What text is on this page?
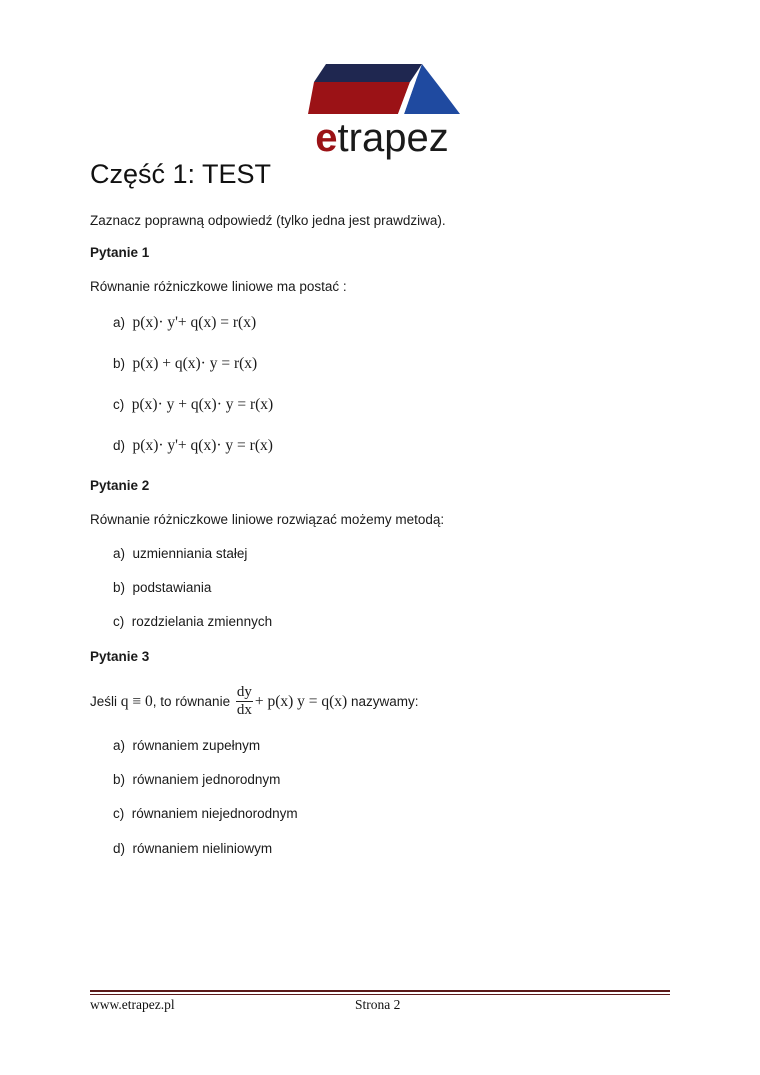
etrapez
Część 1: TEST
Zaznacz poprawną odpowiedź (tylko jedna jest prawdziwa).
Pytanie 1
Równanie różniczkowe liniowe ma postać :
a) p(x)· y'+ q(x) = r(x)
b) p(x) + q(x)· y = r(x)
c) p(x)· y + q(x)· y = r(x)
d) p(x)· y'+ q(x)· y = r(x)
Pytanie 2
Równanie różniczkowe liniowe rozwiązać możemy metodą:
a) uzmienniania stałej
b) podstawiania
c) rozdzielania zmiennych
Pytanie 3
Jeśli
q ≡ 0 , to równanie
$\frac{dy}{dx} + p(x) y = q(x)$
nazywamy:
a) równaniem zupełnym
b) równaniem jednorodnym
c) równaniem niejednorodnym
d) równaniem nieliniowym
www.etrapez.pl	Strona 2
